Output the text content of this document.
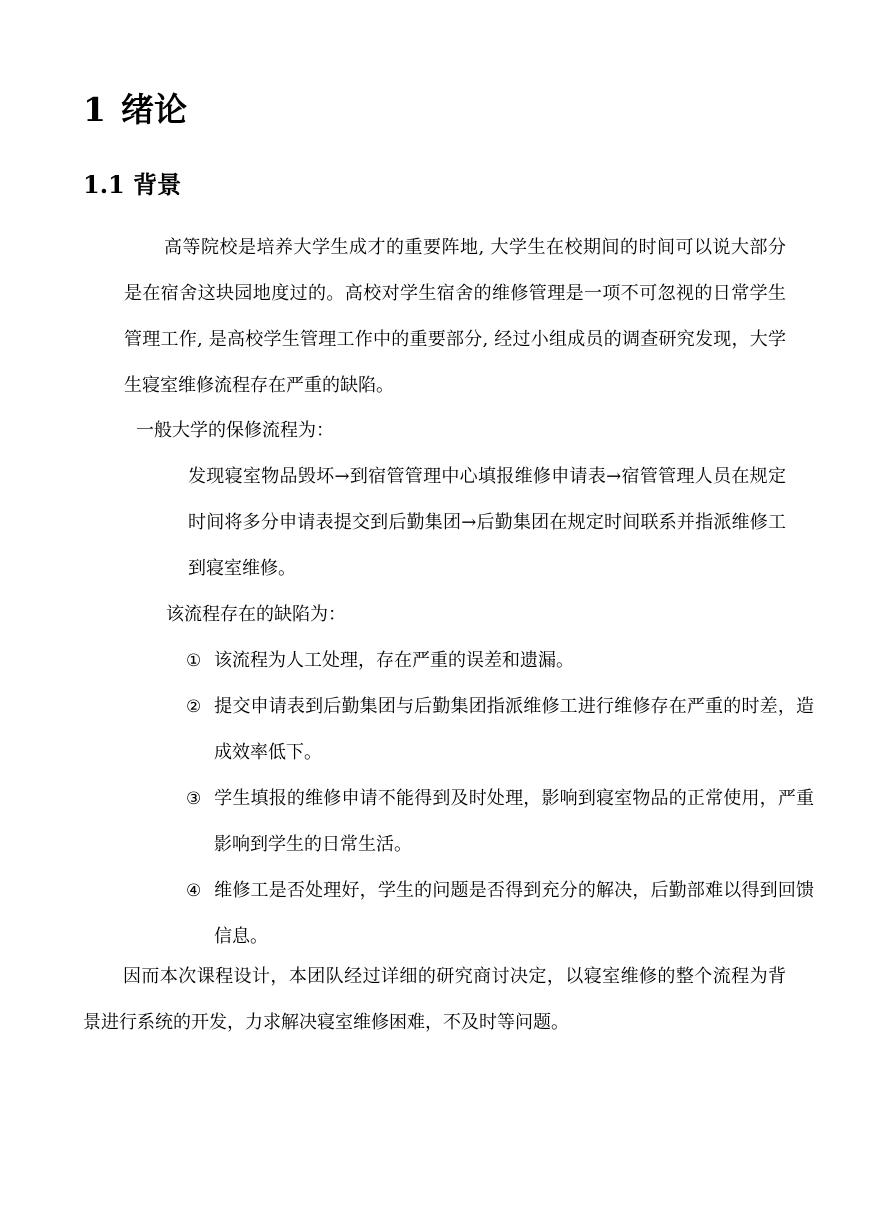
1 绪论
1.1 背景

高等院校是培养大学生成才的重要阵地, 大学生在校期间的时间可以说大部分是在宿舍这块园地度过的。高校对学生宿舍的维修管理是一项不可忽视的日常学生管理工作, 是高校学生管理工作中的重要部分, 经过小组成员的调查研究发现，大学生寝室维修流程存在严重的缺陷。

一般大学的保修流程为：

发现寝室物品毁坏→到宿管管理中心填报维修申请表→宿管管理人员在规定时间将多分申请表提交到后勤集团→后勤集团在规定时间联系并指派维修工到寝室维修。

该流程存在的缺陷为：

① 该流程为人工处理，存在严重的误差和遗漏。

② 提交申请表到后勤集团与后勤集团指派维修工进行维修存在严重的时差，造成效率低下。

③ 学生填报的维修申请不能得到及时处理，影响到寝室物品的正常使用，严重影响到学生的日常生活。

④ 维修工是否处理好，学生的问题是否得到充分的解决，后勤部难以得到回馈信息。

因而本次课程设计，本团队经过详细的研究商讨决定，以寝室维修的整个流程为背景进行系统的开发，力求解决寝室维修困难，不及时等问题。
